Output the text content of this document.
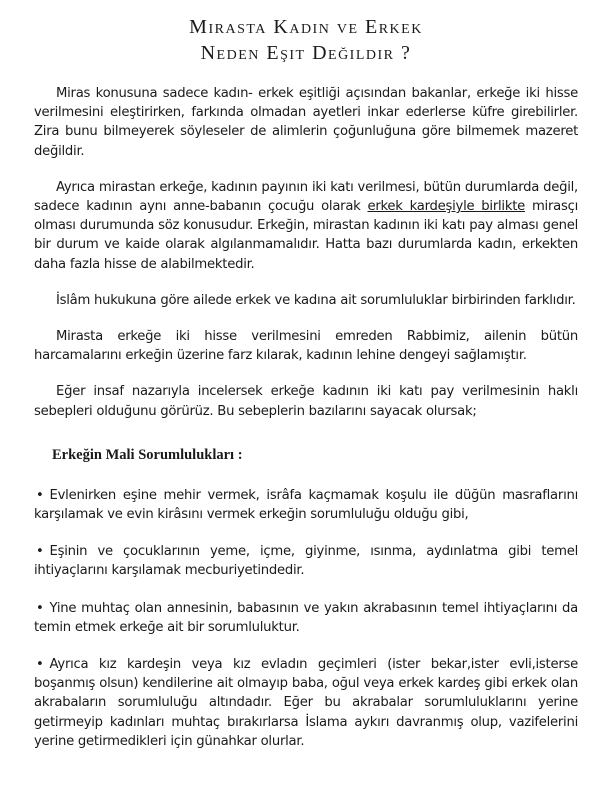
Mirasta Kadın ve Erkek
Neden Eşit Değildir ?

Miras konusuna sadece kadın- erkek eşitliği açısından bakanlar, erkeğe iki hisse verilmesini eleştirirken, farkında olmadan ayetleri inkar ederlerse küfre girebilirler. Zira bunu bilmeyerek söyleseler de alimlerin çoğunluğuna göre bilmemek mazeret değildir.

Ayrıca mirastan erkeğe, kadının payının iki katı verilmesi, bütün durumlarda değil, sadece kadının aynı anne-babanın çocuğu olarak erkek kardeşiyle birlikte mirasçı olması durumunda söz konusudur. Erkeğin, mirastan kadının iki katı pay alması genel bir durum ve kaide olarak algılanmamalıdır. Hatta bazı durumlarda kadın, erkekten daha fazla hisse de alabilmektedir.

İslâm hukukuna göre ailede erkek ve kadına ait sorumluluklar birbirinden farklıdır.

Mirasta erkeğe iki hisse verilmesini emreden Rabbimiz, ailenin bütün harcamalarını erkeğin üzerine farz kılarak, kadının lehine dengeyi sağlamıştır.

Eğer insaf nazarıyla incelersek erkeğe kadının iki katı pay verilmesinin haklı sebepleri olduğunu görürüz. Bu sebeplerin bazılarını sayacak olursak;

Erkeğin Mali Sorumlulukları :
• Evlenirken eşine mehir vermek, isrâfa kaçmamak koşulu ile düğün masraflarını karşılamak ve evin kirâsını vermek erkeğin sorumluluğu olduğu gibi,
• Eşinin ve çocuklarının yeme, içme, giyinme, ısınma, aydınlatma gibi temel ihtiyaçlarını karşılamak mecburiyetindedir.
• Yine muhtaç olan annesinin, babasının ve yakın akrabasının temel ihtiyaçlarını da temin etmek erkeğe ait bir sorumluluktur.
• Ayrıca kız kardeşin veya kız evladın geçimleri (ister bekar,ister evli,isterse boşanmış olsun) kendilerine ait olmayıp baba, oğul veya erkek kardeş gibi erkek olan akrabaların sorumluluğu altındadır. Eğer bu akrabalar sorumluluklarını yerine getirmeyip kadınları muhtaç bırakırlarsa İslama aykırı davranmış olup, vazifelerini yerine getirmedikleri için günahkar olurlar.
